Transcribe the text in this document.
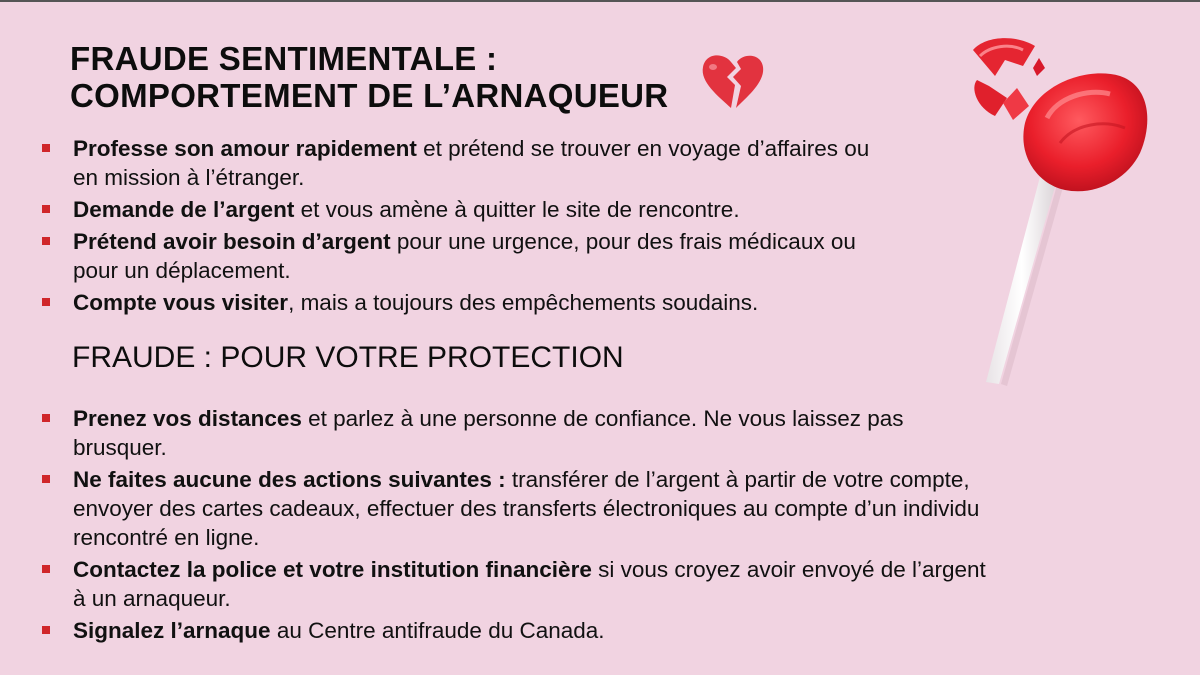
FRAUDE SENTIMENTALE :
COMPORTEMENT DE L’ARNAQUEUR
Professe son amour rapidement et prétend se trouver en voyage d’affaires ou en mission à l’étranger.
Demande de l’argent et vous amène à quitter le site de rencontre.
Prétend avoir besoin d’argent pour une urgence, pour des frais médicaux ou pour un déplacement.
Compte vous visiter, mais a toujours des empêchements soudains.
FRAUDE : POUR VOTRE PROTECTION
Prenez vos distances et parlez à une personne de confiance. Ne vous laissez pas brusquer.
Ne faites aucune des actions suivantes : transférer de l’argent à partir de votre compte, envoyer des cartes cadeaux, effectuer des transferts électroniques au compte d’un individu rencontré en ligne.
Contactez la police et votre institution financière si vous croyez avoir envoyé de l’argent à un arnaqueur.
Signalez l’arnaque au Centre antifraude du Canada.
